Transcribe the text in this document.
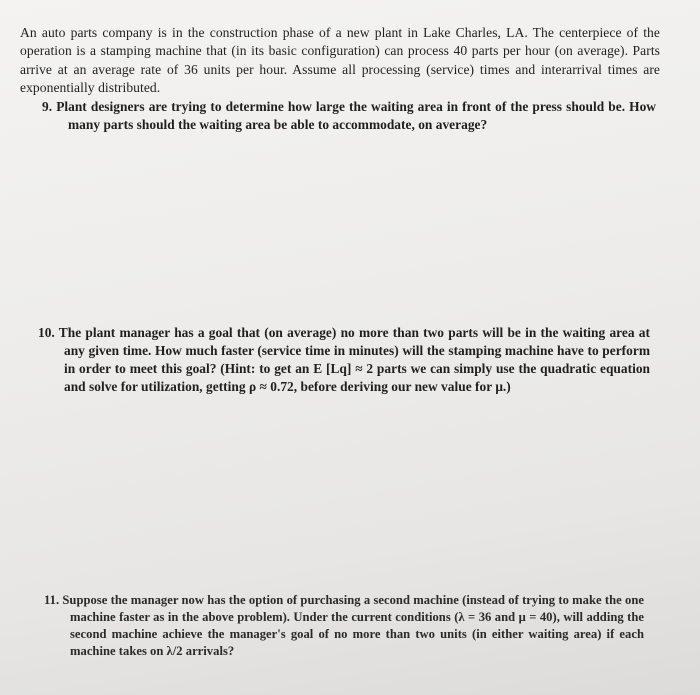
An auto parts company is in the construction phase of a new plant in Lake Charles, LA. The centerpiece of the operation is a stamping machine that (in its basic configuration) can process 40 parts per hour (on average). Parts arrive at an average rate of 36 units per hour. Assume all processing (service) times and interarrival times are exponentially distributed.

9. Plant designers are trying to determine how large the waiting area in front of the press should be. How many parts should the waiting area be able to accommodate, on average?
10. The plant manager has a goal that (on average) no more than two parts will be in the waiting area at any given time. How much faster (service time in minutes) will the stamping machine have to perform in order to meet this goal? (Hint: to get an E [Lq] ≈ 2 parts we can simply use the quadratic equation and solve for utilization, getting ρ ≈ 0.72, before deriving our new value for μ.)
11. Suppose the manager now has the option of purchasing a second machine (instead of trying to make the one machine faster as in the above problem). Under the current conditions (λ = 36 and μ = 40), will adding the second machine achieve the manager's goal of no more than two units (in either waiting area) if each machine takes on λ/2 arrivals?
